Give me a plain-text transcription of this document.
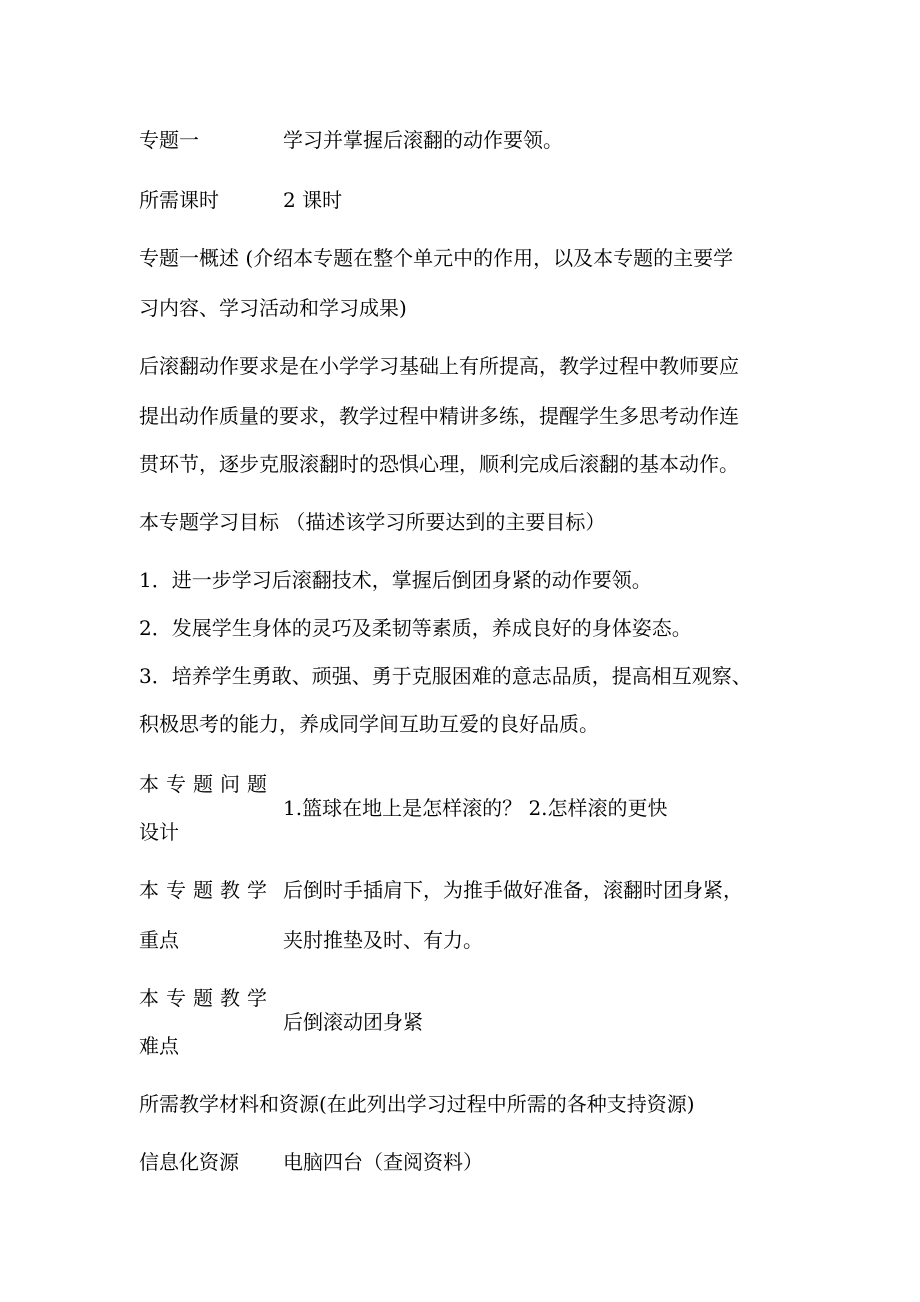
专题一	学习并掌握后滚翻的动作要领。

所需课时	2 课时

专题一概述 (介绍本专题在整个单元中的作用，以及本专题的主要学

习内容、学习活动和学习成果)

后滚翻动作要求是在小学学习基础上有所提高，教学过程中教师要应

提出动作质量的要求，教学过程中精讲多练，提醒学生多思考动作连

贯环节，逐步克服滚翻时的恐惧心理，顺利完成后滚翻的基本动作。

本专题学习目标 （描述该学习所要达到的主要目标）

1．进一步学习后滚翻技术，掌握后倒团身紧的动作要领。

2．发展学生身体的灵巧及柔韧等素质，养成良好的身体姿态。

3．培养学生勇敢、顽强、勇于克服困难的意志品质，提高相互观察、

积极思考的能力，养成同学间互助互爱的良好品质。

本专题问题

设计

1.篮球在地上是怎样滚的？ 2.怎样滚的更快

本专题教学

重点

后倒时手插肩下，为推手做好准备，滚翻时团身紧，

夹肘推垫及时、有力。

本专题教学

难点

后倒滚动团身紧

所需教学材料和资源(在此列出学习过程中所需的各种支持资源)

信息化资源 电脑四台（查阅资料）
